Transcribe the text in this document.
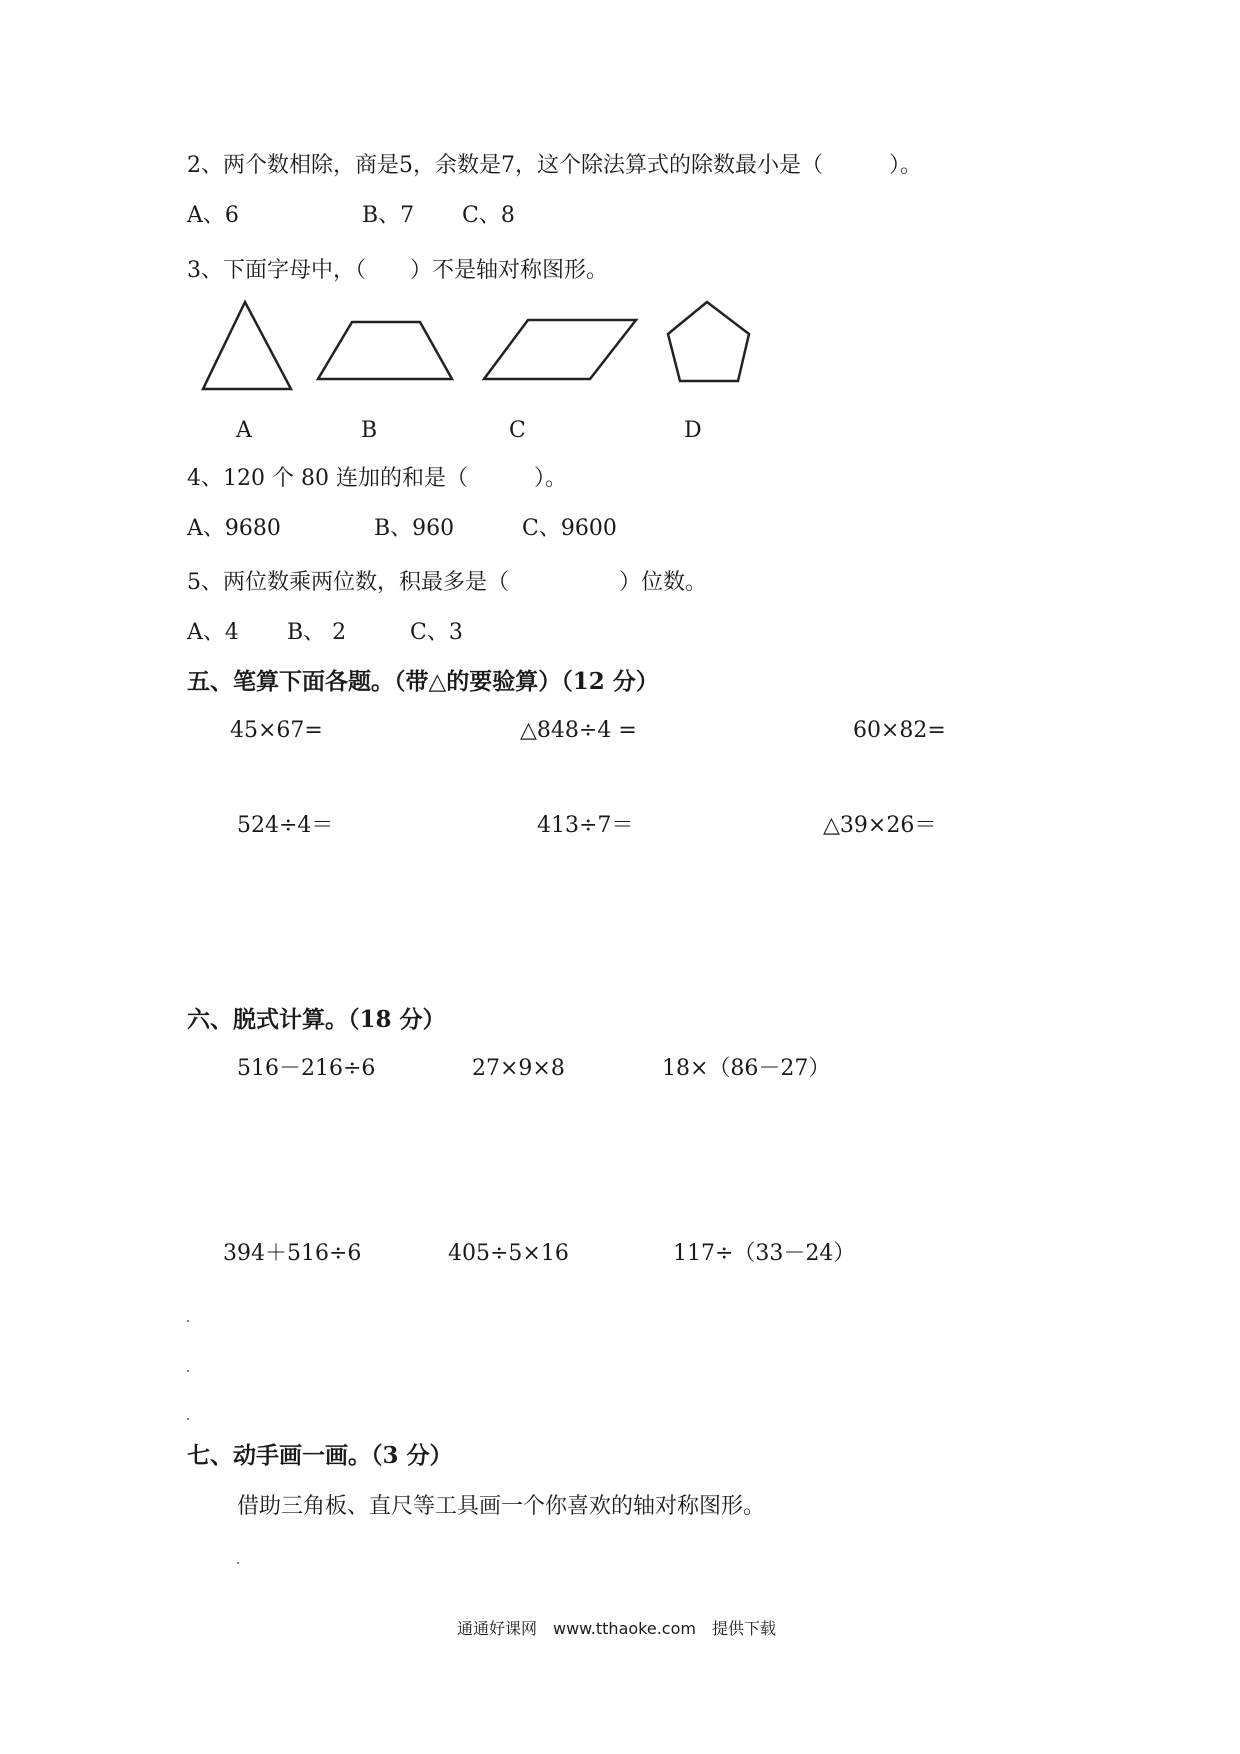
2、两个数相除，商是5，余数是7，这个除法算式的除数最小是（　　　）。
A、6	B、7 C、8
3、下面字母中，（　　）不是轴对称图形。
A	B	C	D
4、120 个 80 连加的和是（　　　）。
A、9680	B、960	C、9600
5、两位数乘两位数，积最多是（　　　　　）位数。
A、4 B、 2	C、3
五、笔算下面各题。（带△的要验算）（12 分）
45×67=	△848÷4 =	60×82=
524÷4＝	413÷7＝	△39×26＝
六、脱式计算。（18 分）
516－216÷6	27×9×8	18×（86－27）
394＋516÷6	405÷5×16	117÷（33－24）
七、动手画一画。（3 分）
借助三角板、直尺等工具画一个你喜欢的轴对称图形。
通通好课网　www.tthaoke.com　提供下载
